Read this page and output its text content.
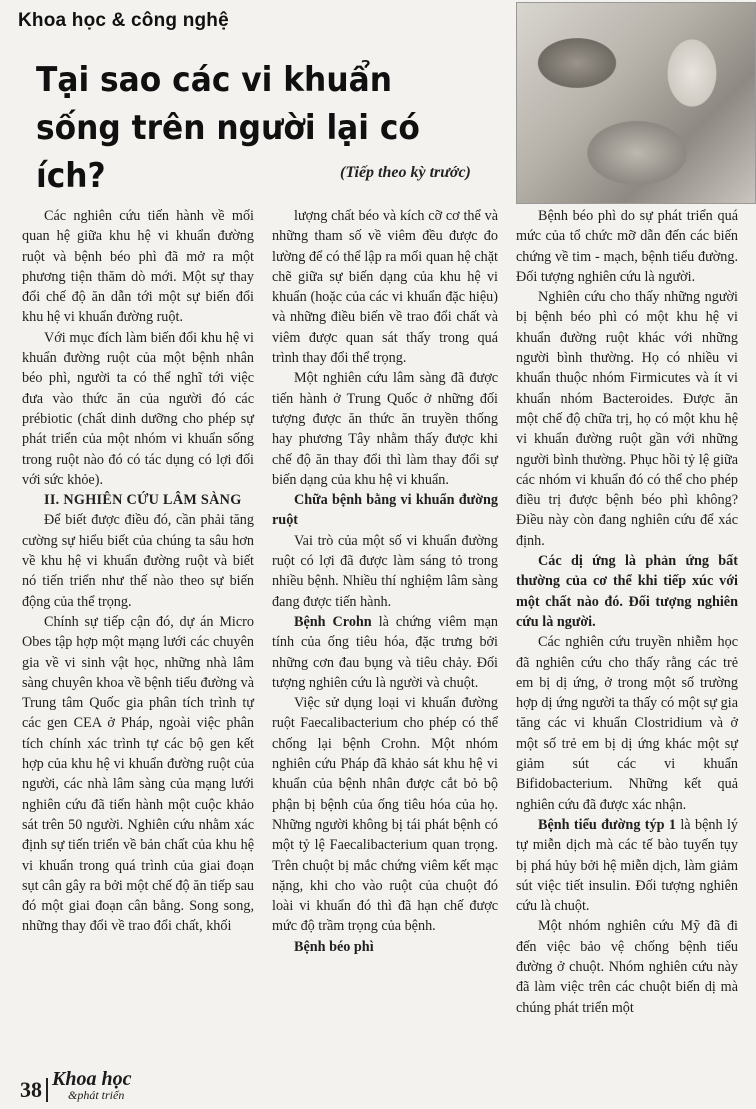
Khoa học & công nghệ
Tại sao các vi khuẩn
sống trên người lại có ích?	(Tiếp theo kỳ trước)

Các nghiên cứu tiến hành về mối quan hệ giữa khu hệ vi khuẩn đường ruột và bệnh béo phì đã mở ra một phương tiện thăm dò mới. Một sự thay đổi chế độ ăn dẫn tới một sự biến đổi khu hệ vi khuẩn đường ruột.

Với mục đích làm biến đổi khu hệ vi khuẩn đường ruột của một bệnh nhân béo phì, người ta có thể nghĩ tới việc đưa vào thức ăn của người đó các prébiotic (chất dinh dưỡng cho phép sự phát triển của một nhóm vi khuẩn sống trong ruột nào đó có tác dụng có lợi đối với sức khỏe).

II. NGHIÊN CỨU LÂM SÀNG

Để biết được điều đó, cần phải tăng cường sự hiểu biết của chúng ta sâu hơn về khu hệ vi khuẩn đường ruột và biết nó tiến triển như thế nào theo sự biến động của thể trọng.

Chính sự tiếp cận đó, dự án Micro Obes tập hợp một mạng lưới các chuyên gia về vi sinh vật học, những nhà lâm sàng chuyên khoa về bệnh tiểu đường và Trung tâm Quốc gia phân tích trình tự các gen CEA ở Pháp, ngoài việc phân tích chính xác trình tự các bộ gen kết hợp của khu hệ vi khuẩn đường ruột của người, các nhà lâm sàng của mạng lưới nghiên cứu đã tiến hành một cuộc khảo sát trên 50 người. Nghiên cứu nhằm xác định sự tiến triển về bản chất của khu hệ vi khuẩn trong quá trình của giai đoạn sụt cân gây ra bởi một chế độ ăn tiếp sau đó một giai đoạn cân bằng. Song song, những thay đổi về trao đổi chất, khối

lượng chất béo và kích cỡ cơ thể và những tham số về viêm đều được đo lường để có thể lập ra mối quan hệ chặt chẽ giữa sự biến dạng của khu hệ vi khuẩn (hoặc của các vi khuẩn đặc hiệu) và những điều biến về trao đổi chất và viêm được quan sát thấy trong quá trình thay đổi thể trọng.

Một nghiên cứu lâm sàng đã được tiến hành ở Trung Quốc ở những đối tượng được ăn thức ăn truyền thống hay phương Tây nhằm thấy được khi chế độ ăn thay đổi thì làm thay đổi sự biến dạng của khu hệ vi khuẩn.

Chữa bệnh bằng vi khuẩn đường ruột

Vai trò của một số vi khuẩn đường ruột có lợi đã được làm sáng tỏ trong nhiều bệnh. Nhiều thí nghiệm lâm sàng đang được tiến hành.

Bệnh Crohn là chứng viêm mạn tính của ống tiêu hóa, đặc trưng bởi những cơn đau bụng và tiêu chảy. Đối tượng nghiên cứu là người và chuột.

Việc sử dụng loại vi khuẩn đường ruột Faecalibacterium cho phép có thể chống lại bệnh Crohn. Một nhóm nghiên cứu Pháp đã khảo sát khu hệ vi khuẩn của bệnh nhân được cắt bỏ bộ phận bị bệnh của ống tiêu hóa của họ. Những người không bị tái phát bệnh có một tỷ lệ Faecalibacterium quan trọng. Trên chuột bị mắc chứng viêm kết mạc nặng, khi cho vào ruột của chuột đó loài vi khuẩn đó thì đã hạn chế được mức độ trầm trọng của bệnh.

Bệnh béo phì

Bệnh béo phì do sự phát triển quá mức của tổ chức mỡ dẫn đến các biến chứng về tim - mạch, bệnh tiểu đường. Đối tượng nghiên cứu là người.

Nghiên cứu cho thấy những người bị bệnh béo phì có một khu hệ vi khuẩn đường ruột khác với những người bình thường. Họ có nhiều vi khuẩn thuộc nhóm Firmicutes và ít vi khuẩn nhóm Bacteroides. Được ăn một chế độ chữa trị, họ có một khu hệ vi khuẩn đường ruột gần với những người bình thường. Phục hồi tỷ lệ giữa các nhóm vi khuẩn đó có thể cho phép điều trị được bệnh béo phì không? Điều này còn đang nghiên cứu để xác định.

Các dị ứng là phản ứng bất thường của cơ thể khi tiếp xúc với một chất nào đó. Đối tượng nghiên cứu là người.

Các nghiên cứu truyền nhiễm học đã nghiên cứu cho thấy rằng các trẻ em bị dị ứng, ở trong một số trường hợp dị ứng người ta thấy có một sự gia tăng các vi khuẩn Clostridium và ở một số trẻ em bị dị ứng khác một sự giảm sút các vi khuẩn Bifidobacterium. Những kết quả nghiên cứu đã được xác nhận.

Bệnh tiểu đường týp 1 là bệnh lý tự miễn dịch mà các tế bào tuyến tụy bị phá hủy bởi hệ miễn dịch, làm giảm sút việc tiết insulin. Đối tượng nghiên cứu là chuột.

Một nhóm nghiên cứu Mỹ đã đi đến việc bảo vệ chống bệnh tiểu đường ở chuột. Nhóm nghiên cứu này đã làm việc trên các chuột biến dị mà chúng phát triển một

38 Khoa học
&phát triển
